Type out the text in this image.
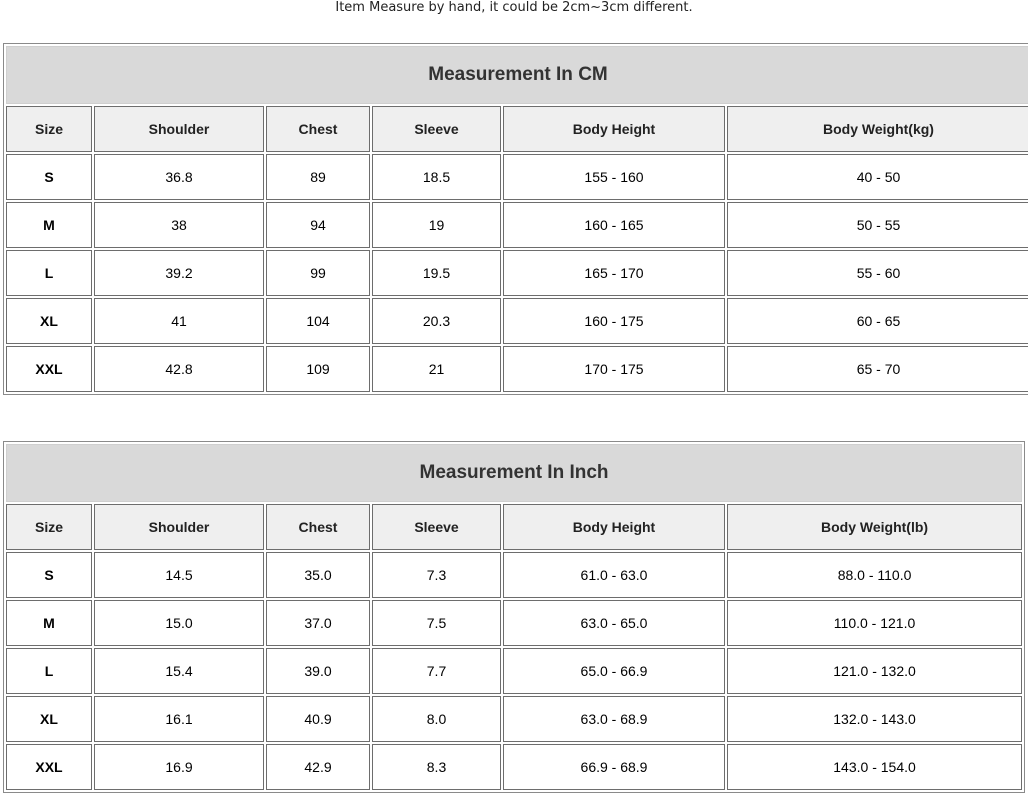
Item Measure by hand, it could be 2cm~3cm different.
Measurement In CM					
Size	Shoulder	Chest	Sleeve	Body Height	Body Weight(kg)
S	36.8	89	18.5	155 - 160	40 - 50
M	38	94	19	160 - 165	50 - 55
L	39.2	99	19.5	165 - 170	55 - 60
XL	41	104	20.3	160 - 175	60 - 65
XXL	42.8	109	21	170 - 175	65 - 70
Measurement In Inch					
Size	Shoulder	Chest	Sleeve	Body Height	Body Weight(lb)
S	14.5	35.0	7.3	61.0 - 63.0	88.0 - 110.0
M	15.0	37.0	7.5	63.0 - 65.0	110.0 - 121.0
L	15.4	39.0	7.7	65.0 - 66.9	121.0 - 132.0
XL	16.1	40.9	8.0	63.0 - 68.9	132.0 - 143.0
XXL	16.9	42.9	8.3	66.9 - 68.9	143.0 - 154.0
